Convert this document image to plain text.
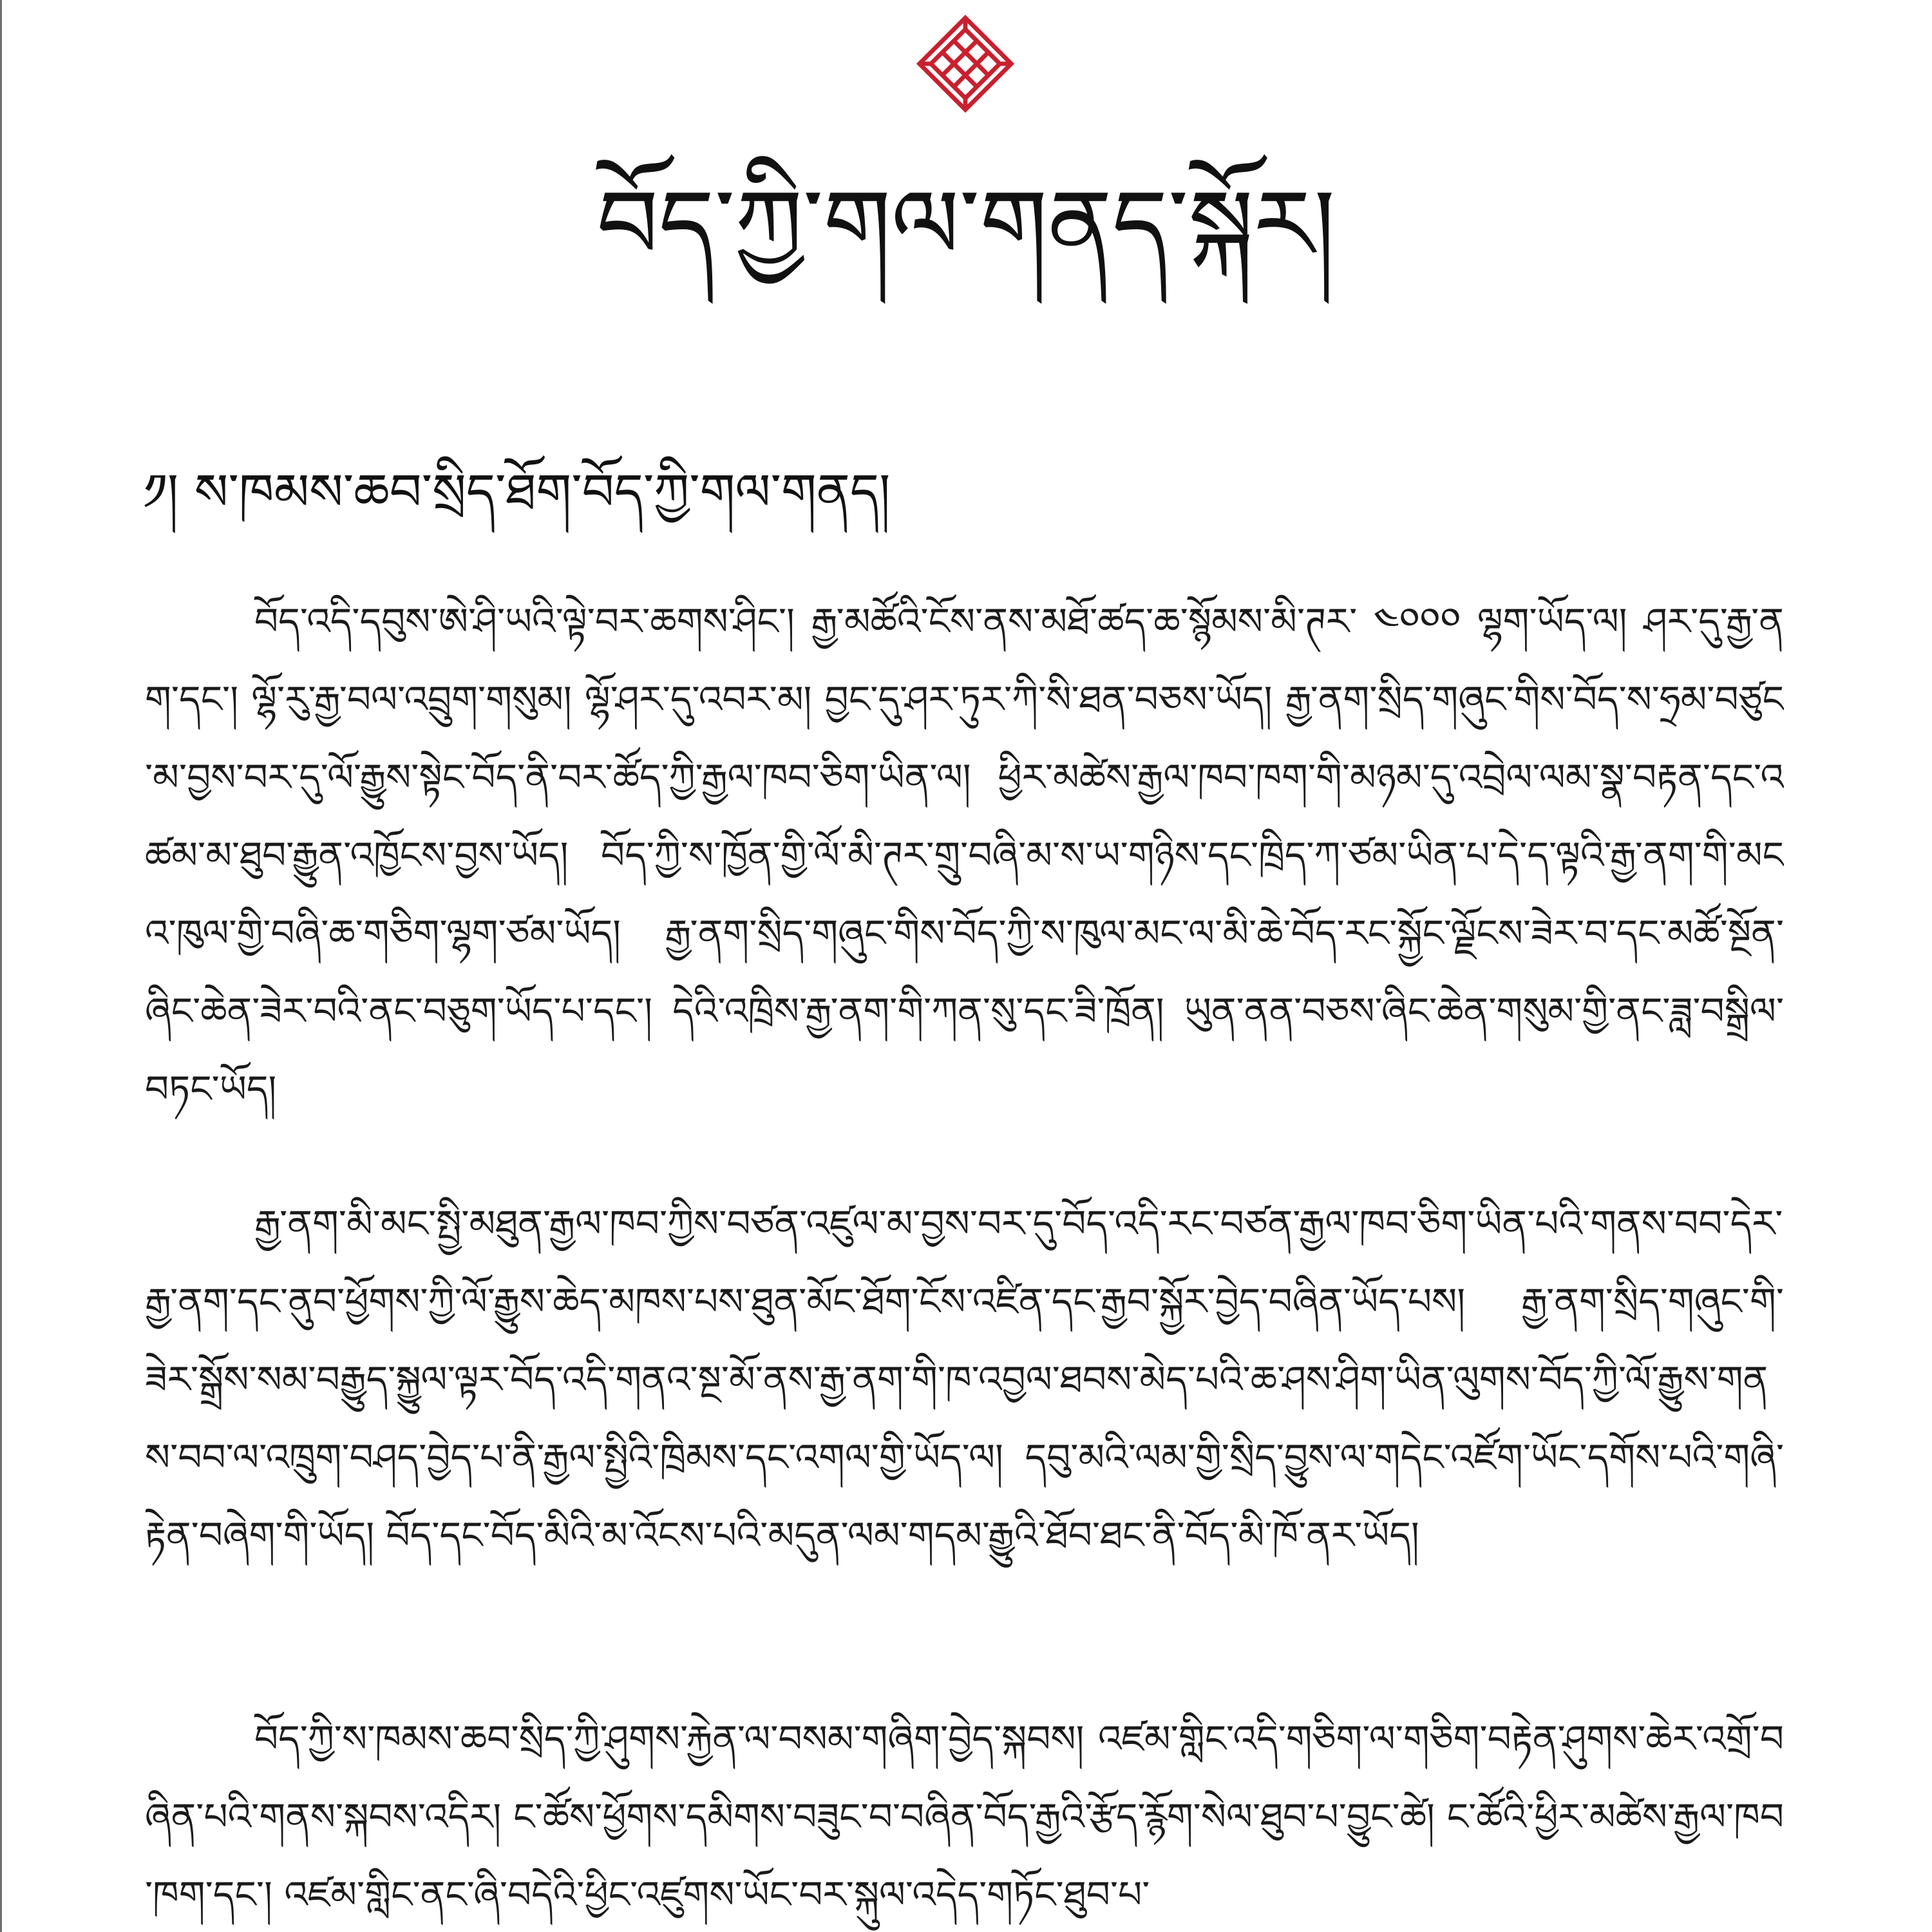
བོད་ཀྱི་གལ་གནད་སྐོར།
༡། ས་ཁམས་ཆབ་སྲིད་ཐོག་བོད་ཀྱི་གལ་གནད།

བོད་འདི་དབུས་ཨེ་ཤི་ཡའི་ལྟེ་བར་ཆགས་ཤིང་། རྒྱ་མཚོའི་ངོས་ནས་མཐོ་ཚད་ཆ་སྙོམས་མི་ཊར་ ༤༠༠༠ ལྷག་ཡོད་ལ། ཤར་དུ་རྒྱ་ནག་དང་། ལྷོ་རུ་རྒྱ་བལ་འབྲུག་གསུམ། ལྷོ་ཤར་དུ་འབར་མ། བྱང་དུ་ཤར་ཏུར་ཀི་སི་ཐན་བཅས་ཡོད། རྒྱ་ནག་སྲིད་གཞུང་གིས་བོད་ས་ཧྲམ་བཙུང་མ་བྱས་བར་དུ་ལོ་རྒྱུས་སྟེང་བོད་ནི་བར་ཚོད་ཀྱི་རྒྱལ་ཁབ་ཅིག་ཡིན་ལ། ཕྱིར་མཚེས་རྒྱལ་ཁབ་ཁག་གི་མཉམ་དུ་འབྲེལ་ལམ་སྣ་བརྟན་དང་འཚམ་མ་ཐུབ་རྒྱུན་འཁྱོངས་བྱས་ཡོད། བོད་ཀྱི་ས་ཁྱོན་གྱི་ལོ་མི་ཊར་གྲུ་བཞི་མ་ས་ཡ་གཉིས་དང་ཁྲིད་ཀ་ཙམ་ཡིན་པ་དེ་ད་ལྟའི་རྒྱ་ནག་གི་མངའ་ཁུལ་གྱི་བཞི་ཆ་གཅིག་ལྷག་ཙམ་ཡོད། རྒྱ་ནག་སྲིད་གཞུང་གིས་བོད་ཀྱི་ས་ཁུལ་མང་ལ་མི་ཆེ་བོད་རང་སྐྱོང་ལྗོངས་ཟེར་བ་དང་མཚོ་སྔོན་ཞིང་ཆེན་ཟེར་བའི་ནང་བཅུག་ཡོད་པ་དང་། དེའི་འཁྲིས་རྒྱ་ནག་གི་ཀན་སུ་དང་ཟི་ཁྲོན། ཡུན་ནན་བཅས་ཞིང་ཆེན་གསུམ་གྱི་ནང་ཟླ་བསྒྲིལ་བཏང་ཡོད།

རྒྱ་ནག་མི་མང་སྤྱི་མཐུན་རྒྱལ་ཁབ་ཀྱིས་བཙན་འཛུལ་མ་བྱས་བར་དུ་བོད་འདི་རང་བཙན་རྒྱལ་ཁབ་ཅིག་ཡིན་པའི་གནས་བབ་དེར་རྒྱ་ནག་དང་ནུབ་ཕྱོགས་ཀྱི་ལོ་རྒྱུས་ཆེད་མཁས་པས་ཐུན་མོང་ཐོག་ངོས་འཛིན་དང་རྒྱབ་སྐྱོར་བྱེད་བཞིན་ཡོད་པས། རྒྱ་ནག་སྲིད་གཞུང་གི་ཟེར་སྒྲོས་སམ་བརྒྱུད་སྐྱུལ་ལྟར་བོད་འདི་གནའ་སྔ་མོ་ནས་རྒྱ་ནག་གི་ཁ་འབྱལ་ཐབས་མེད་པའི་ཆ་ཤས་ཤིག་ཡིན་ལུགས་བོད་ཀྱི་ལོ་རྒྱུས་གནས་བབ་ལ་འཁྲུག་བཤད་བྱེད་པ་ནི་རྒྱལ་སྤྱིའི་ཁྲིམས་དང་འགལ་གྱི་ཡོད་ལ། དབུ་མའི་ལམ་གྱི་སྲིད་བྱུས་ལ་གདེང་འཛོག་ཡོང་དགོས་པའི་གཞི་རྟེན་བཞེག་གི་ཡོད། བོད་དང་བོད་མིའི་མ་འོངས་པའི་མདུན་ལམ་གདམ་རྒྱུའི་ཐོབ་ཐང་ནི་བོད་མི་ཁོ་ནར་ཡོད།

བོད་ཀྱི་ས་ཁམས་ཆབ་སྲིད་ཀྱི་ཤུགས་རྐྱེན་ལ་བསམ་གཞིག་བྱེད་སྐབས། འཛམ་གླིང་འདི་གཅིག་ལ་གཅིག་བརྟེན་ཤུགས་ཆེར་འགྲོ་བཞིན་པའི་གནས་སྐབས་འདིར། ང་ཚོས་ཕྱོགས་དམིགས་བཟུང་བ་བཞིན་བོད་རྒྱའི་རྩོད་རྙོག་སེལ་ཐུབ་པ་བྱུང་ཚེ། ང་ཚོའི་ཕྱིར་མཚེས་རྒྱལ་ཁབ་ཁག་དང་། འཛམ་གླིང་ནང་ཞི་བདེའི་ཕྱིང་འཛུགས་ཡོང་བར་སྐུལ་འདེད་གཏོང་ཐུབ་པ་
